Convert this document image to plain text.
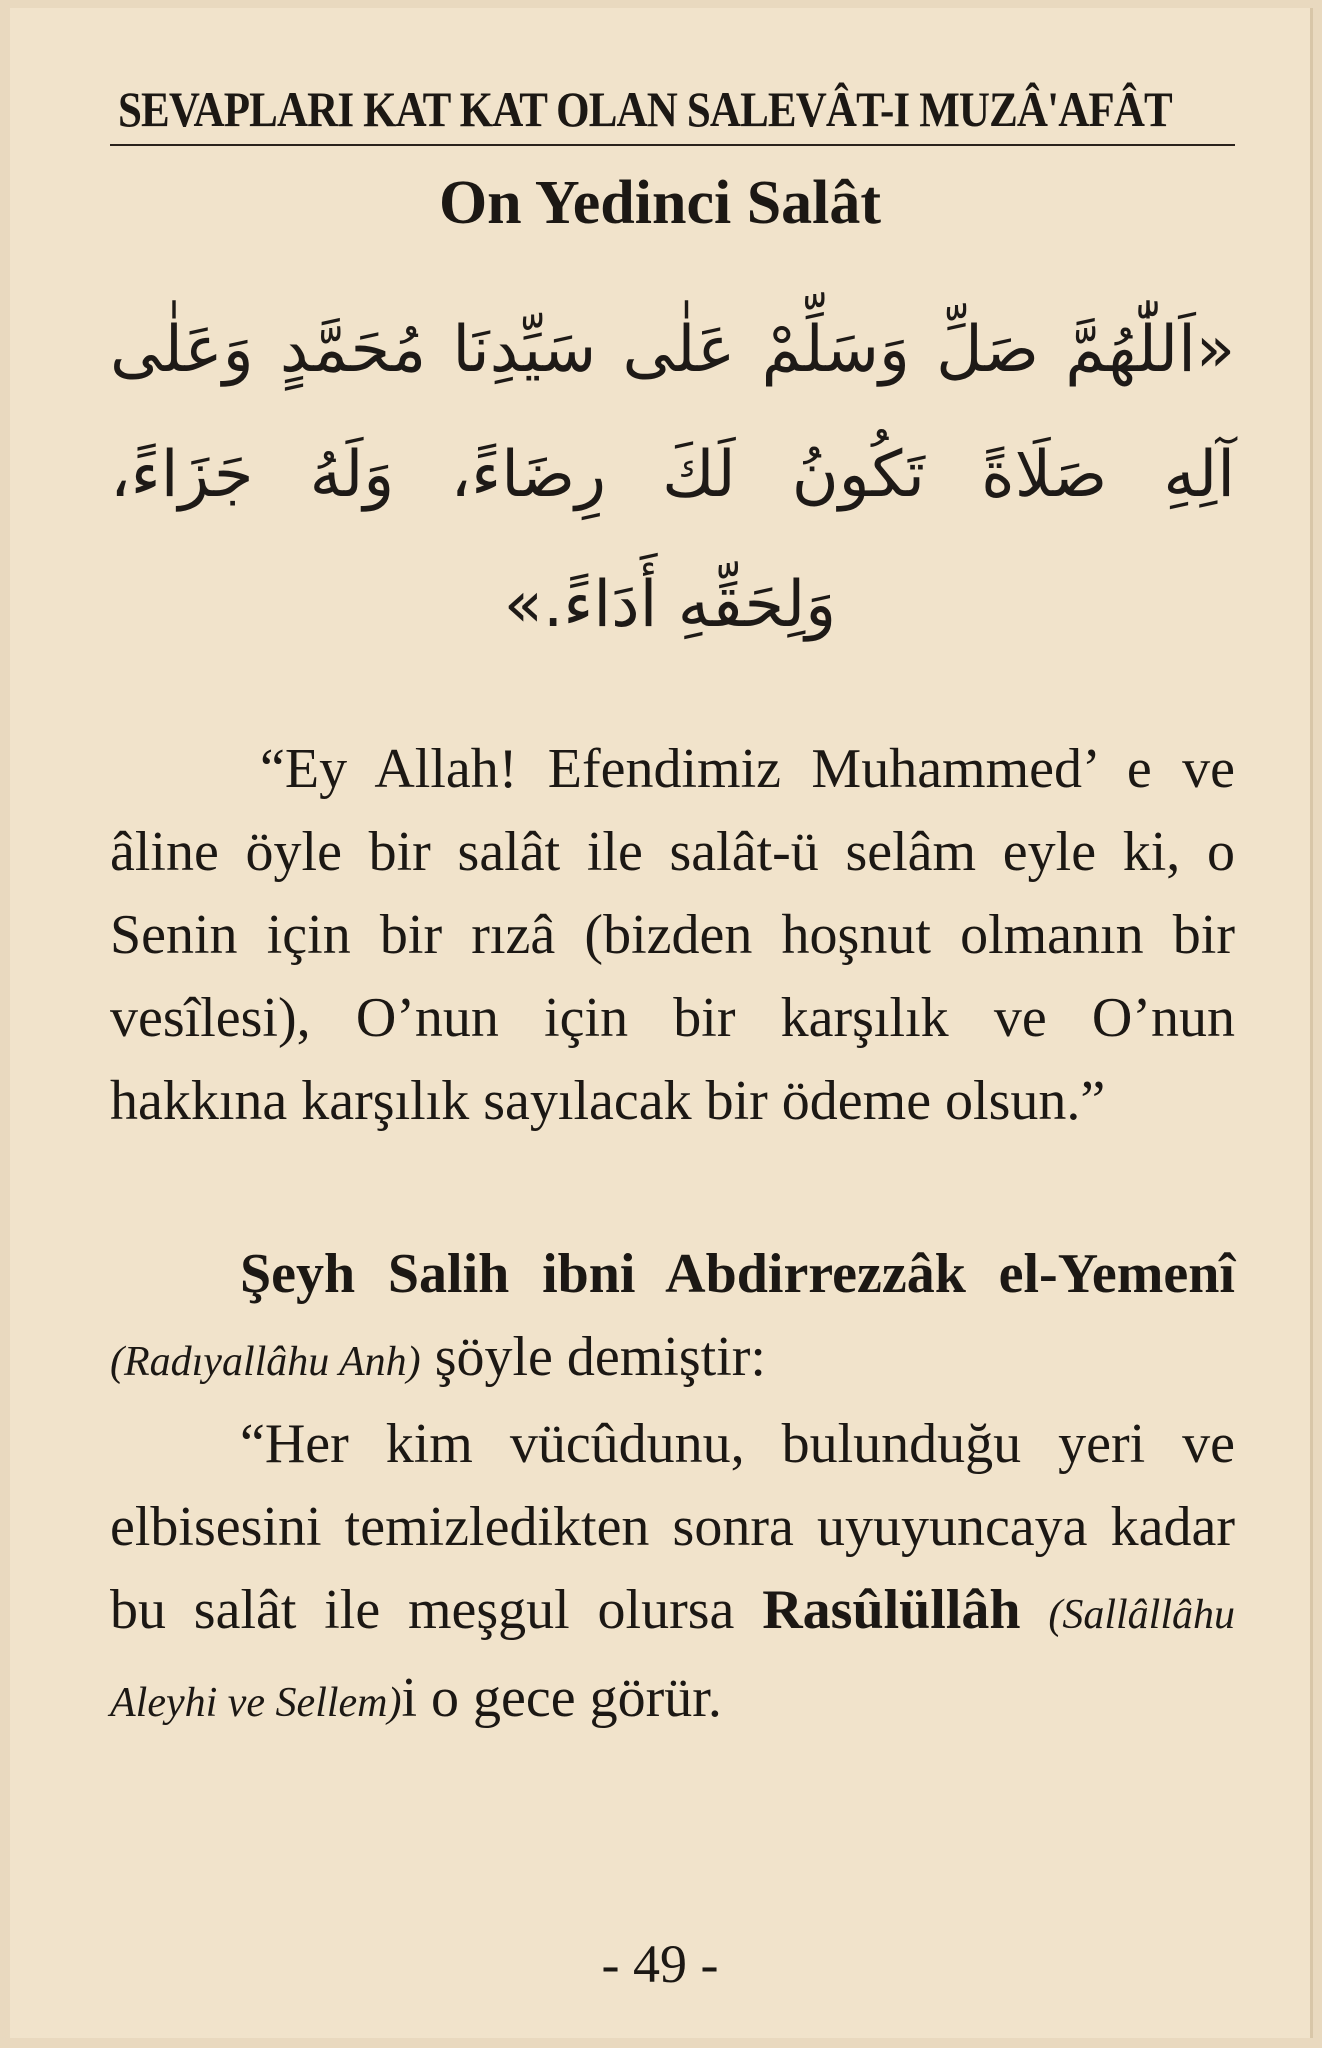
SEVAPLARI KAT KAT OLAN SALEVÂT-I MUZÂ'AFÂT
On Yedinci Salât
«اَللّٰهُمَّ صَلِّ وَسَلِّمْ عَلٰى سَيِّدِنَا مُحَمَّدٍ وَعَلٰى
آلِهِ صَلَاةً تَكُونُ لَكَ رِضَاءً، وَلَهُ جَزَاءً،
وَلِحَقِّهِ أَدَاءً.»
“Ey Allah! Efendimiz Muhammed’ e ve âline öyle bir salât ile salât-ü selâm eyle ki, o Senin için bir rızâ (bizden hoşnut olmanın bir vesîlesi), O’nun için bir karşılık ve O’nun hakkına karşılık sayılacak bir ödeme olsun.”
Şeyh Salih ibni Abdirrezzâk el-Yemenî (Radıyallâhu Anh) şöyle demiştir:
“Her kim vücûdunu, bulunduğu yeri ve elbisesini temizledikten sonra uyuyuncaya kadar bu salât ile meşgul olursa Rasûlüllâh (Sallâllâhu Aleyhi ve Sellem)i o gece görür.
- 49 -
